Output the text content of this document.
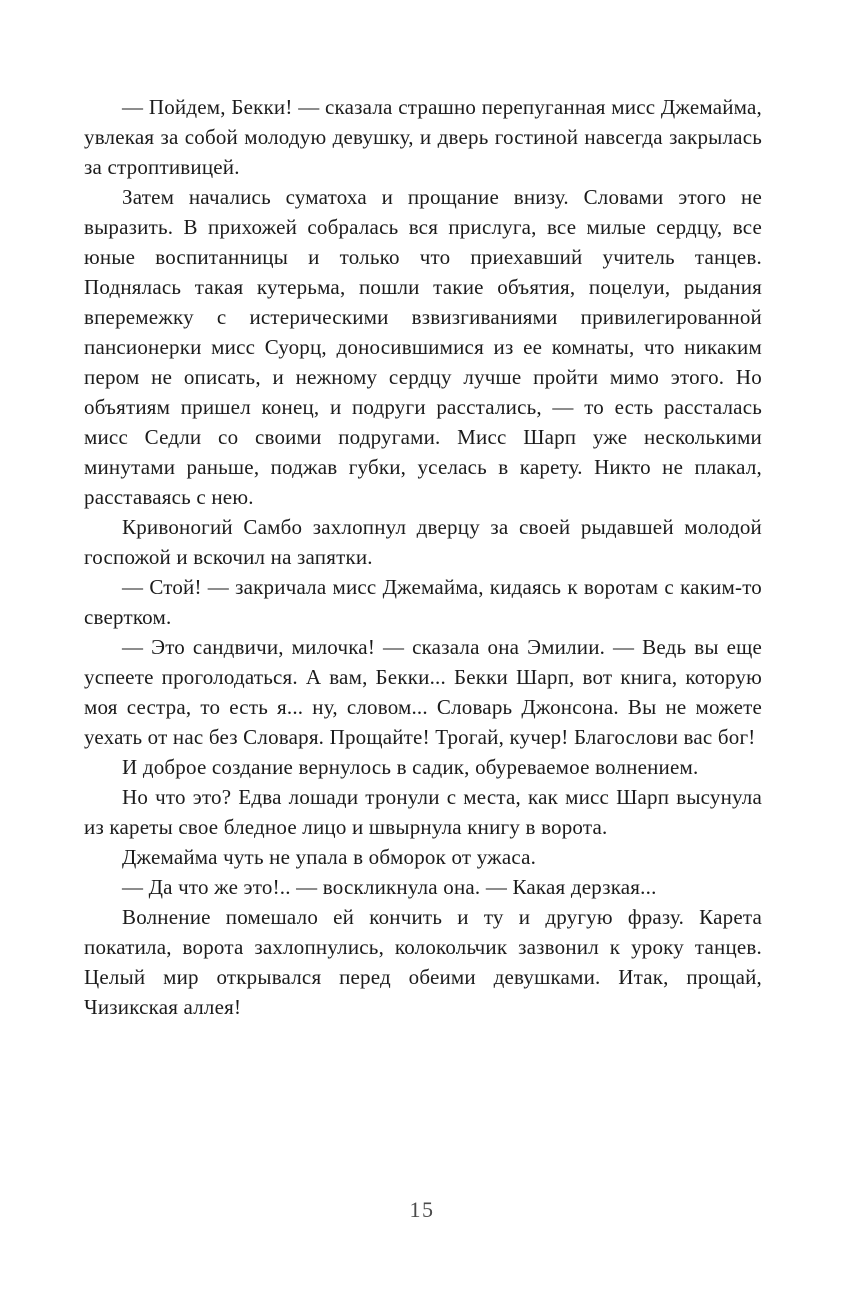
— Пойдем, Бекки! — сказала страшно перепуганная мисс Джемайма, увлекая за собой молодую девушку, и дверь гостиной навсегда закрылась за строптивицей.

Затем начались суматоха и прощание внизу. Словами этого не выразить. В прихожей собралась вся прислуга, все милые сердцу, все юные воспитанницы и только что приехавший учитель танцев. Поднялась такая кутерьма, пошли такие объятия, поцелуи, рыдания вперемежку с истерическими взвизгиваниями привилегированной пансионерки мисс Суорц, доносившимися из ее комнаты, что никаким пером не описать, и нежному сердцу лучше пройти мимо этого. Но объятиям пришел конец, и подруги расстались, — то есть рассталась мисс Седли со своими подругами. Мисс Шарп уже несколькими минутами раньше, поджав губки, уселась в карету. Никто не плакал, расставаясь с нею.

Кривоногий Самбо захлопнул дверцу за своей рыдавшей молодой госпожой и вскочил на запятки.

— Стой! — закричала мисс Джемайма, кидаясь к воротам с каким-то свертком.

— Это сандвичи, милочка! — сказала она Эмилии. — Ведь вы еще успеете проголодаться. А вам, Бекки... Бекки Шарп, вот книга, которую моя сестра, то есть я... ну, словом... Словарь Джонсона. Вы не можете уехать от нас без Словаря. Прощайте! Трогай, кучер! Благослови вас бог!

И доброе создание вернулось в садик, обуреваемое волнением.

Но что это? Едва лошади тронули с места, как мисс Шарп высунула из кареты свое бледное лицо и швырнула книгу в ворота.

Джемайма чуть не упала в обморок от ужаса.

— Да что же это!.. — воскликнула она. — Какая дерзкая...

Волнение помешало ей кончить и ту и другую фразу. Карета покатила, ворота захлопнулись, колокольчик зазвонил к уроку танцев. Целый мир открывался перед обеими девушками. Итак, прощай, Чизикская аллея!

15
